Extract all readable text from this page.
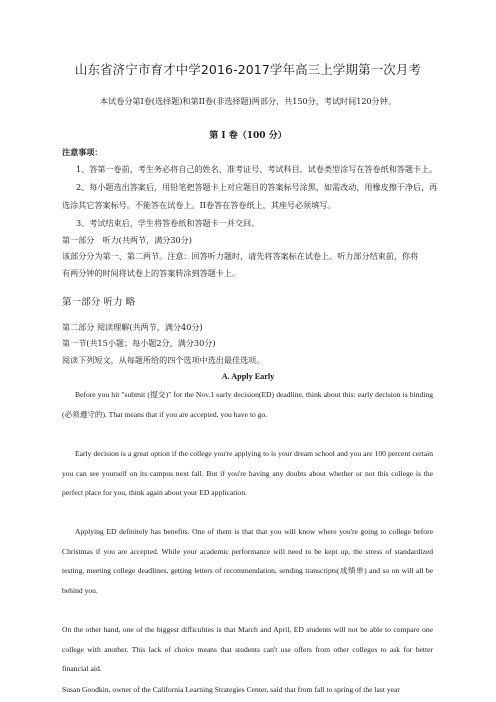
山东省济宁市育才中学2016-2017学年高三上学期第一次月考
本试卷分第I卷(选择题)和第II卷(非选择题)两部分，共150分，考试时间120分钟。
第 I 卷（100 分）
注意事项：
1、答第一卷前，考生务必将自己的姓名、准考证号、考试科目、试卷类型涂写在答卷纸和答题卡上。
2、每小题选出答案后，用铅笔把答题卡上对应题目的答案标号涂黑，如需改动，用橡皮擦干净后，再
选涂其它答案标号。不能答在试卷上。II卷答在答卷纸上，其座号必须填写。
3、考试结束后，学生将答卷纸和答题卡一并交回。
第一部分　听力(共两节，满分30分)
该部分分为第一、第二两节。注意：回答听力题时，请先将答案标在试卷上。听力部分结束前，你将
有两分钟的时间将试卷上的答案转涂到答题卡上。
第一部分 听力 略
第二部分 阅读理解(共两节，满分40分)
第一节(共15小题；每小题2分，满分30分)
阅读下列短文，从每题所给的四个选项中选出最佳选项。
A. Apply Early
Before you hit "submit (提交)" for the Nov.1 early decision(ED) deadline, think about this: early decision is binding (必须遵守的). That means that if you are accepted, you have to go.
Early decision is a great option if the college you're applying to is your dream school and you are 100 percent certain you can see yourself on its campus next fall. But if you're having any doubts about whether or not this college is the perfect place for you, think again about your ED application.
Applying ED definitely has benefits. One of them is that that you will know where you're going to college before Christmas if you are accepted. While your academic performance will need to be kept up, the stress of standardized testing, meeting college deadlines, getting letters of recommendation, sending transcripts(成绩单) and so on will all be behind you.
On the other hand, one of the biggest difficulties is that March and April, ED students will not be able to compare one college with another. This lack of choice means that students can't use offers from other colleges to ask for better financial aid.
Susan Goodkin, owner of the California Learning Strategies Center, said that from fall to spring of the last year
